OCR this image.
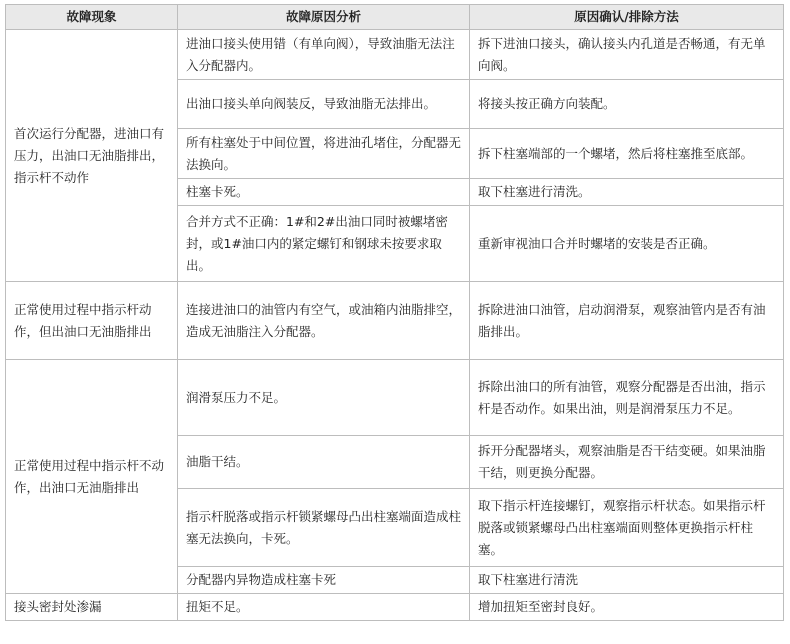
故障现象	故障原因分析	原因确认/排除方法
首次运行分配器，进油口有压力，出油口无油脂排出，指示杆不动作	进油口接头使用错（有单向阀），导致油脂无法注入分配器内。	拆下进油口接头，确认接头内孔道是否畅通，有无单向阀。
	出油口接头单向阀装反，导致油脂无法排出。	将接头按正确方向装配。
	所有柱塞处于中间位置，将进油孔堵住，分配器无法换向。	拆下柱塞端部的一个螺堵，然后将柱塞推至底部。
	柱塞卡死。	取下柱塞进行清洗。
	合并方式不正确：1#和2#出油口同时被螺堵密封，或1#油口内的紧定螺钉和钢球未按要求取出。	重新审视油口合并时螺堵的安装是否正确。
正常使用过程中指示杆动作，但出油口无油脂排出	连接进油口的油管内有空气，或油箱内油脂排空，造成无油脂注入分配器。	拆除进油口油管，启动润滑泵，观察油管内是否有油脂排出。
正常使用过程中指示杆不动作，出油口无油脂排出	润滑泵压力不足。	拆除出油口的所有油管，观察分配器是否出油，指示杆是否动作。如果出油，则是润滑泵压力不足。
	油脂干结。	拆开分配器堵头，观察油脂是否干结变硬。如果油脂干结，则更换分配器。
	指示杆脱落或指示杆锁紧螺母凸出柱塞端面造成柱塞无法换向，卡死。	取下指示杆连接螺钉，观察指示杆状态。如果指示杆脱落或锁紧螺母凸出柱塞端面则整体更换指示杆柱塞。
	分配器内异物造成柱塞卡死	取下柱塞进行清洗
接头密封处渗漏	扭矩不足。	增加扭矩至密封良好。
